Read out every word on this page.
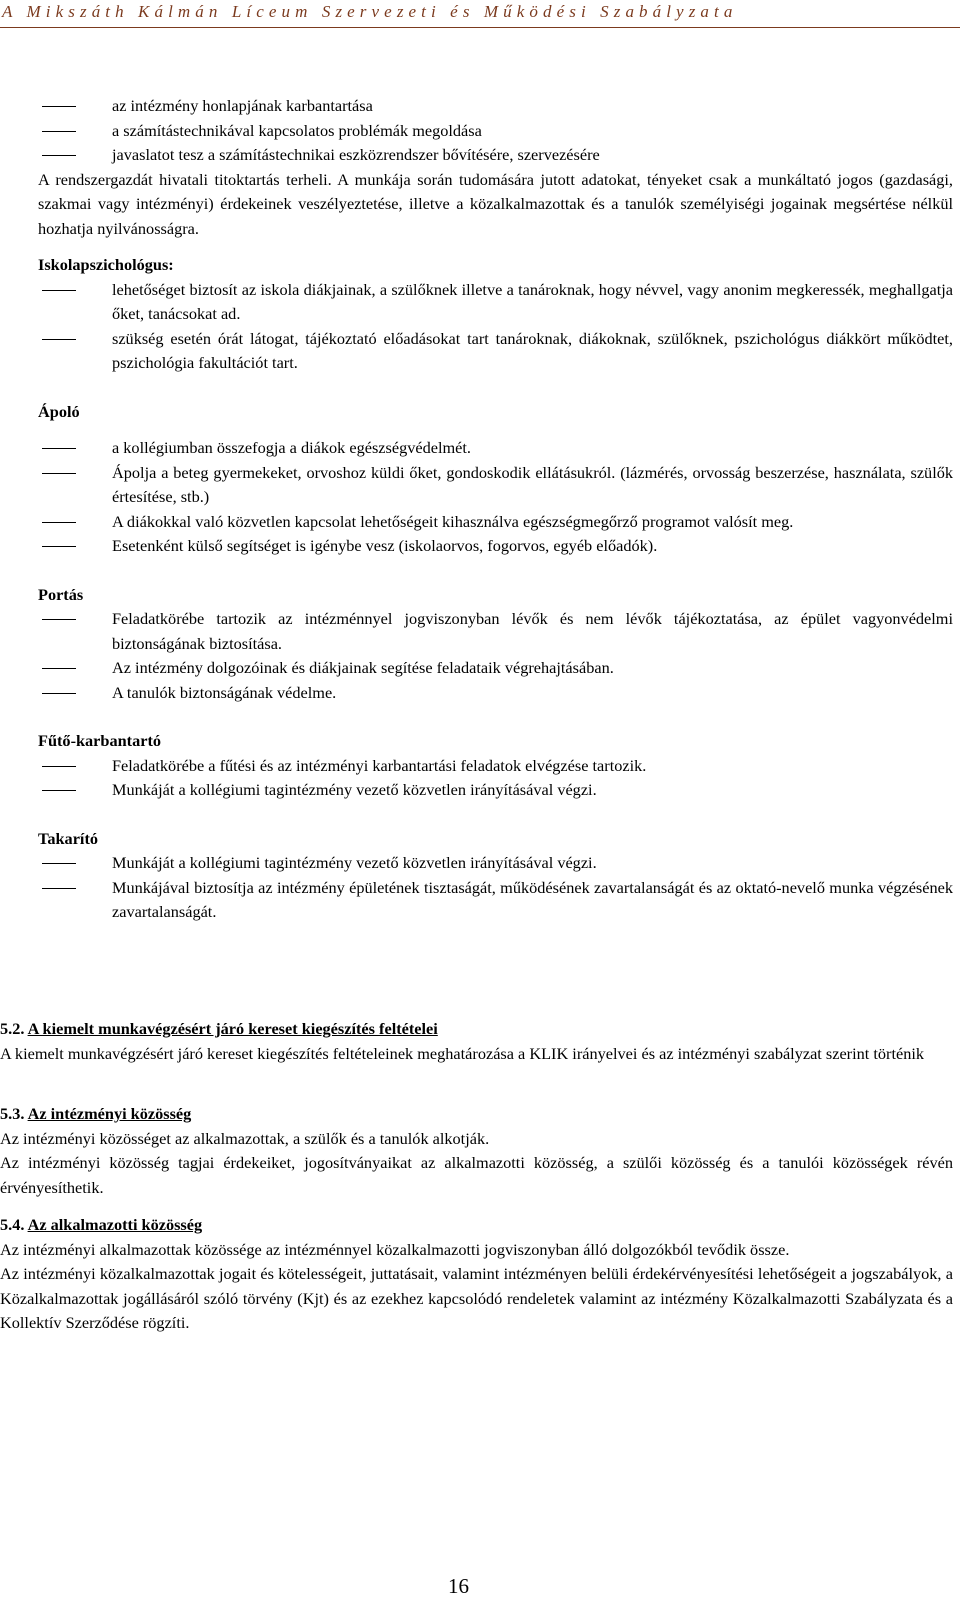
A Mikszáth Kálmán Líceum Szervezeti és Működési Szabályzata
az intézmény honlapjának karbantartása
a számítástechnikával kapcsolatos problémák megoldása
javaslatot tesz a számítástechnikai eszközrendszer bővítésére, szervezésére

A rendszergazdát hivatali titoktartás terheli. A munkája során tudomására jutott adatokat, tényeket csak a munkáltató jogos (gazdasági, szakmai vagy intézményi) érdekeinek veszélyeztetése, illetve a közalkalmazottak és a tanulók személyiségi jogainak megsértése nélkül hozhatja nyilvánosságra.

Iskolapszichológus:

lehetőséget biztosít az iskola diákjainak, a szülőknek illetve a tanároknak, hogy névvel, vagy anonim megkeressék, meghallgatja őket, tanácsokat ad.
szükség esetén órát látogat, tájékoztató előadásokat tart tanároknak, diákoknak, szülőknek, pszichológus diákkört működtet, pszichológia fakultációt tart.

Ápoló

a kollégiumban összefogja a diákok egészségvédelmét.
Ápolja a beteg gyermekeket, orvoshoz küldi őket, gondoskodik ellátásukról. (lázmérés, orvosság beszerzése, használata, szülők értesítése, stb.)
A diákokkal való közvetlen kapcsolat lehetőségeit kihasználva egészségmegőrző programot valósít meg.
Esetenként külső segítséget is igénybe vesz (iskolaorvos, fogorvos, egyéb előadók).

Portás

Feladatkörébe tartozik az intézménnyel jogviszonyban lévők és nem lévők tájékoztatása, az épület vagyonvédelmi biztonságának biztosítása.
Az intézmény dolgozóinak és diákjainak segítése feladataik végrehajtásában.
A tanulók biztonságának védelme.

Fűtő-karbantartó

Feladatkörébe a fűtési és az intézményi karbantartási feladatok elvégzése tartozik.
Munkáját a kollégiumi tagintézmény vezető közvetlen irányításával végzi.

Takarító

Munkáját a kollégiumi tagintézmény vezető közvetlen irányításával végzi.
Munkájával biztosítja az intézmény épületének tisztaságát, működésének zavartalanságát és az oktató-nevelő munka végzésének zavartalanságát.

5.2. A kiemelt munkavégzésért járó kereset kiegészítés feltételei

A kiemelt munkavégzésért járó kereset kiegészítés feltételeinek meghatározása a KLIK irányelvei és az intézményi szabályzat szerint történik

5.3. Az intézményi közösség

Az intézményi közösséget az alkalmazottak, a szülők és a tanulók alkotják.

Az intézményi közösség tagjai érdekeiket, jogosítványaikat az alkalmazotti közösség, a szülői közösség és a tanulói közösségek révén érvényesíthetik.

5.4. Az alkalmazotti közösség

Az intézményi alkalmazottak közössége az intézménnyel közalkalmazotti jogviszonyban álló dolgozókból tevődik össze.

Az intézményi közalkalmazottak jogait és kötelességeit, juttatásait, valamint intézményen belüli érdekérvényesítési lehetőségeit a jogszabályok, a Közalkalmazottak jogállásáról szóló törvény (Kjt) és az ezekhez kapcsolódó rendeletek valamint az intézmény Közalkalmazotti Szabályzata és a Kollektív Szerződése rögzíti.

16
